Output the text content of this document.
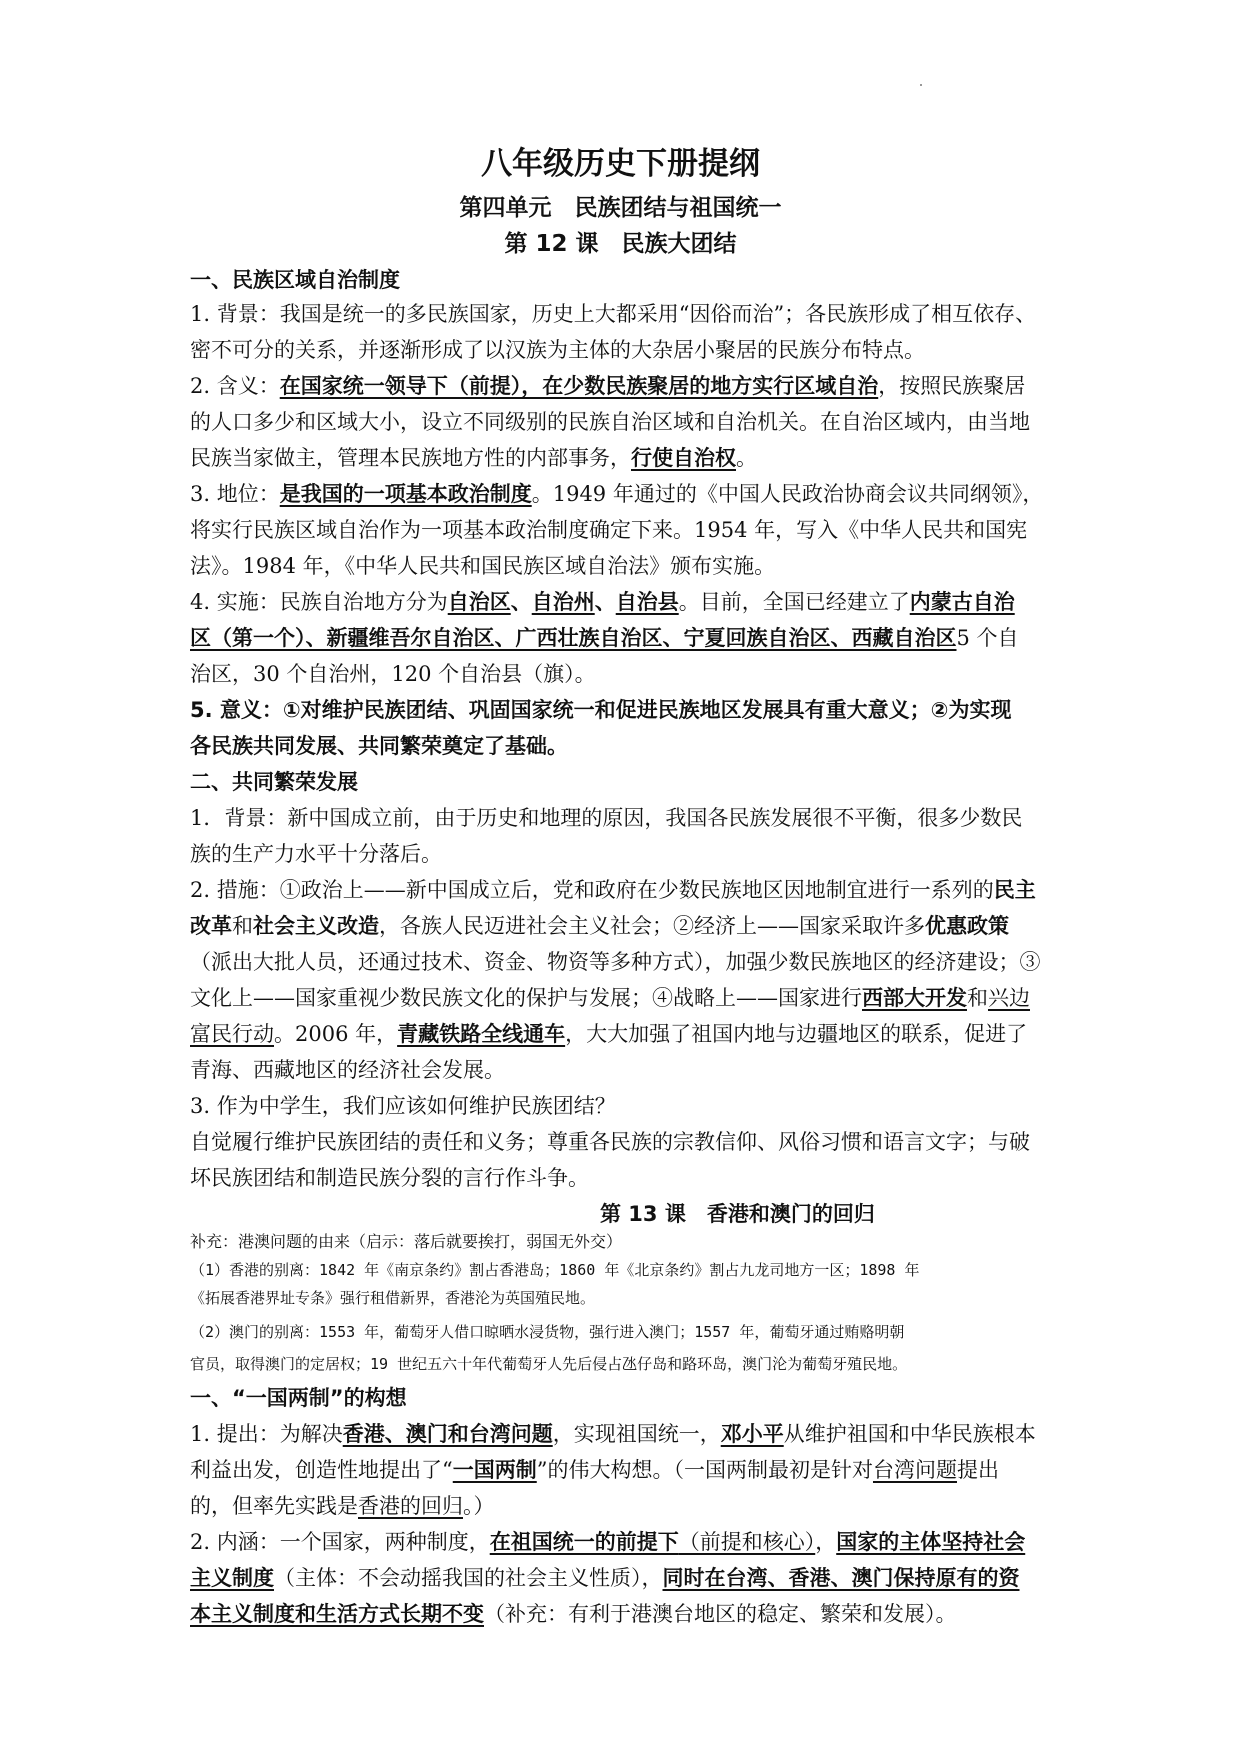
八年级历史下册提纲
第四单元　民族团结与祖国统一
第 12 课　民族大团结
一、民族区域自治制度
1. 背景：我国是统一的多民族国家，历史上大都采用“因俗而治”；各民族形成了相互依存、
密不可分的关系，并逐渐形成了以汉族为主体的大杂居小聚居的民族分布特点。
2. 含义：在国家统一领导下（前提），在少数民族聚居的地方实行区域自治，按照民族聚居
的人口多少和区域大小，设立不同级别的民族自治区域和自治机关。在自治区域内，由当地
民族当家做主，管理本民族地方性的内部事务，行使自治权。
3. 地位：是我国的一项基本政治制度。1949 年通过的《中国人民政治协商会议共同纲领》，
将实行民族区域自治作为一项基本政治制度确定下来。1954 年，写入《中华人民共和国宪
法》。1984 年，《中华人民共和国民族区域自治法》颁布实施。
4. 实施：民族自治地方分为自治区、自治州、自治县。目前，全国已经建立了内蒙古自治
区（第一个）、新疆维吾尔自治区、广西壮族自治区、宁夏回族自治区、西藏自治区5 个自
治区，30 个自治州，120 个自治县（旗）。
5. 意义：①对维护民族团结、巩固国家统一和促进民族地区发展具有重大意义；②为实现
各民族共同发展、共同繁荣奠定了基础。
二、共同繁荣发展
1．背景：新中国成立前，由于历史和地理的原因，我国各民族发展很不平衡，很多少数民
族的生产力水平十分落后。
2. 措施：①政治上——新中国成立后，党和政府在少数民族地区因地制宜进行一系列的民主
改革和社会主义改造，各族人民迈进社会主义社会；②经济上——国家采取许多优惠政策
（派出大批人员，还通过技术、资金、物资等多种方式），加强少数民族地区的经济建设；③
文化上——国家重视少数民族文化的保护与发展；④战略上——国家进行西部大开发和兴边
富民行动。2006 年，青藏铁路全线通车，大大加强了祖国内地与边疆地区的联系，促进了
青海、西藏地区的经济社会发展。
3. 作为中学生，我们应该如何维护民族团结？
自觉履行维护民族团结的责任和义务；尊重各民族的宗教信仰、风俗习惯和语言文字；与破
坏民族团结和制造民族分裂的言行作斗争。
第 13 课　香港和澳门的回归
补充：港澳问题的由来（启示：落后就要挨打，弱国无外交）
（1）香港的别离：1842 年《南京条约》割占香港岛；1860 年《北京条约》割占九龙司地方一区；1898 年
《拓展香港界址专条》强行租借新界，香港沦为英国殖民地。
（2）澳门的别离：1553 年，葡萄牙人借口晾晒水浸货物，强行进入澳门；1557 年，葡萄牙通过贿赂明朝
官员，取得澳门的定居权；19 世纪五六十年代葡萄牙人先后侵占氹仔岛和路环岛，澳门沦为葡萄牙殖民地。
一、“一国两制”的构想
1. 提出：为解决香港、澳门和台湾问题，实现祖国统一，邓小平从维护祖国和中华民族根本
利益出发，创造性地提出了“一国两制”的伟大构想。（一国两制最初是针对台湾问题提出
的，但率先实践是香港的回归。）
2. 内涵：一个国家，两种制度，在祖国统一的前提下（前提和核心），国家的主体坚持社会
主义制度（主体：不会动摇我国的社会主义性质），同时在台湾、香港、澳门保持原有的资
本主义制度和生活方式长期不变（补充：有利于港澳台地区的稳定、繁荣和发展）。
